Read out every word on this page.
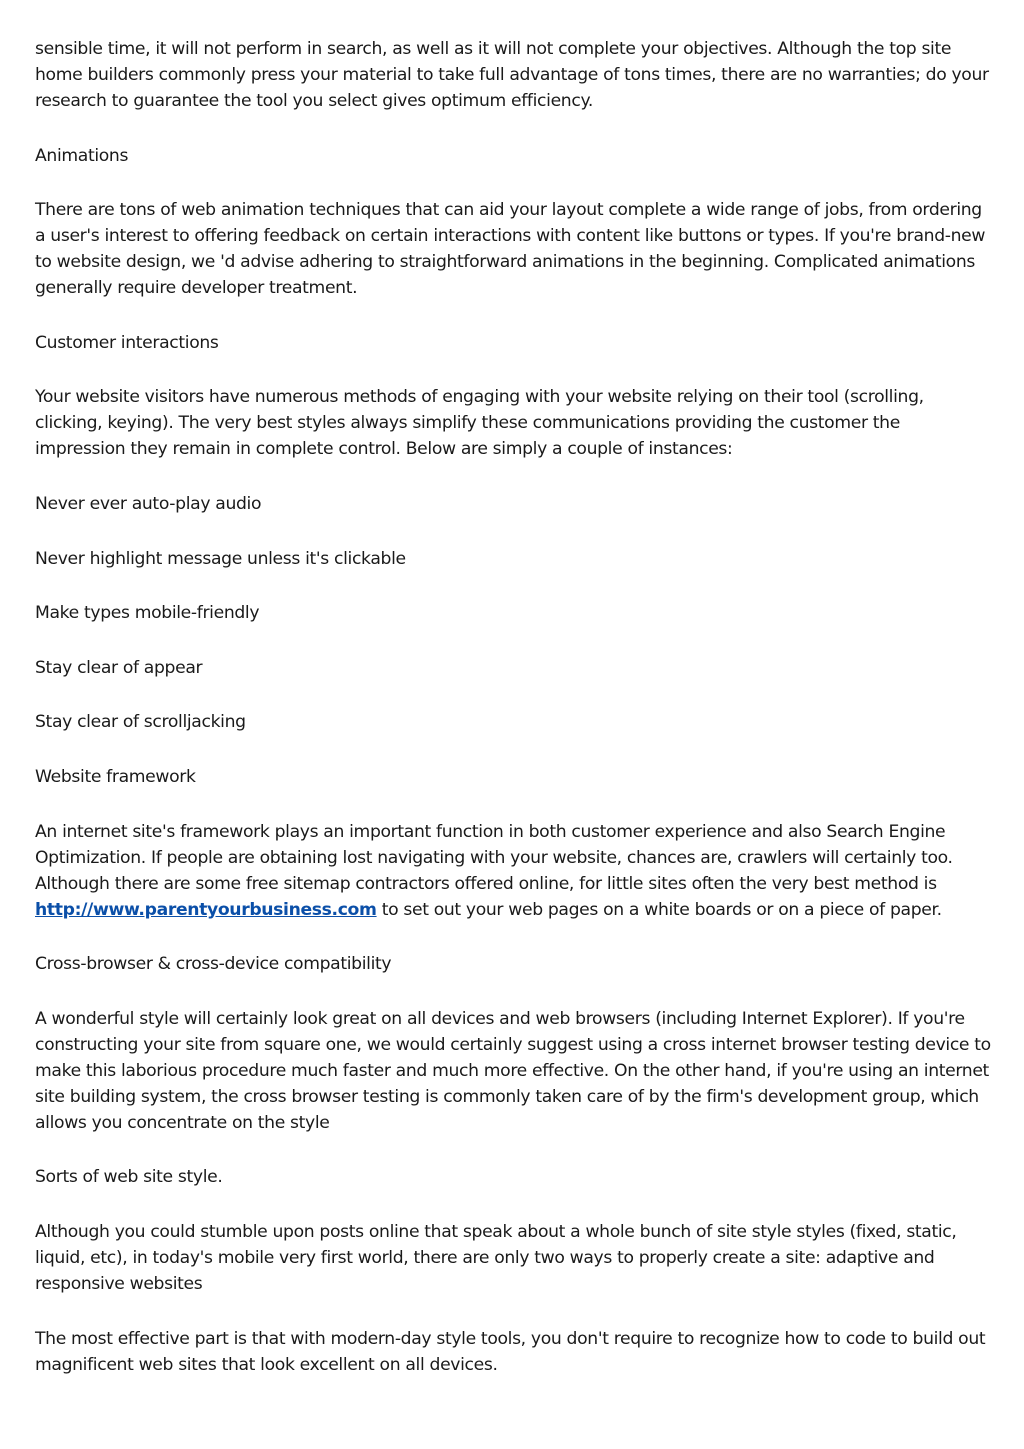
sensible time, it will not perform in search, as well as it will not complete your objectives. Although the top site home builders commonly press your material to take full advantage of tons times, there are no warranties; do your research to guarantee the tool you select gives optimum efficiency.

Animations

There are tons of web animation techniques that can aid your layout complete a wide range of jobs, from ordering a user's interest to offering feedback on certain interactions with content like buttons or types. If you're brand-new to website design, we 'd advise adhering to straightforward animations in the beginning. Complicated animations generally require developer treatment.

Customer interactions

Your website visitors have numerous methods of engaging with your website relying on their tool (scrolling, clicking, keying). The very best styles always simplify these communications providing the customer the impression they remain in complete control. Below are simply a couple of instances:

Never ever auto-play audio

Never highlight message unless it's clickable

Make types mobile-friendly

Stay clear of appear

Stay clear of scrolljacking

Website framework

An internet site's framework plays an important function in both customer experience and also Search Engine Optimization. If people are obtaining lost navigating with your website, chances are, crawlers will certainly too. Although there are some free sitemap contractors offered online, for little sites often the very best method is http://www.parentyourbusiness.com to set out your web pages on a white boards or on a piece of paper.

Cross-browser & cross-device compatibility

A wonderful style will certainly look great on all devices and web browsers (including Internet Explorer). If you're constructing your site from square one, we would certainly suggest using a cross internet browser testing device to make this laborious procedure much faster and much more effective. On the other hand, if you're using an internet site building system, the cross browser testing is commonly taken care of by the firm's development group, which allows you concentrate on the style

Sorts of web site style.

Although you could stumble upon posts online that speak about a whole bunch of site style styles (fixed, static, liquid, etc), in today's mobile very first world, there are only two ways to properly create a site: adaptive and responsive websites

The most effective part is that with modern-day style tools, you don't require to recognize how to code to build out magnificent web sites that look excellent on all devices.
